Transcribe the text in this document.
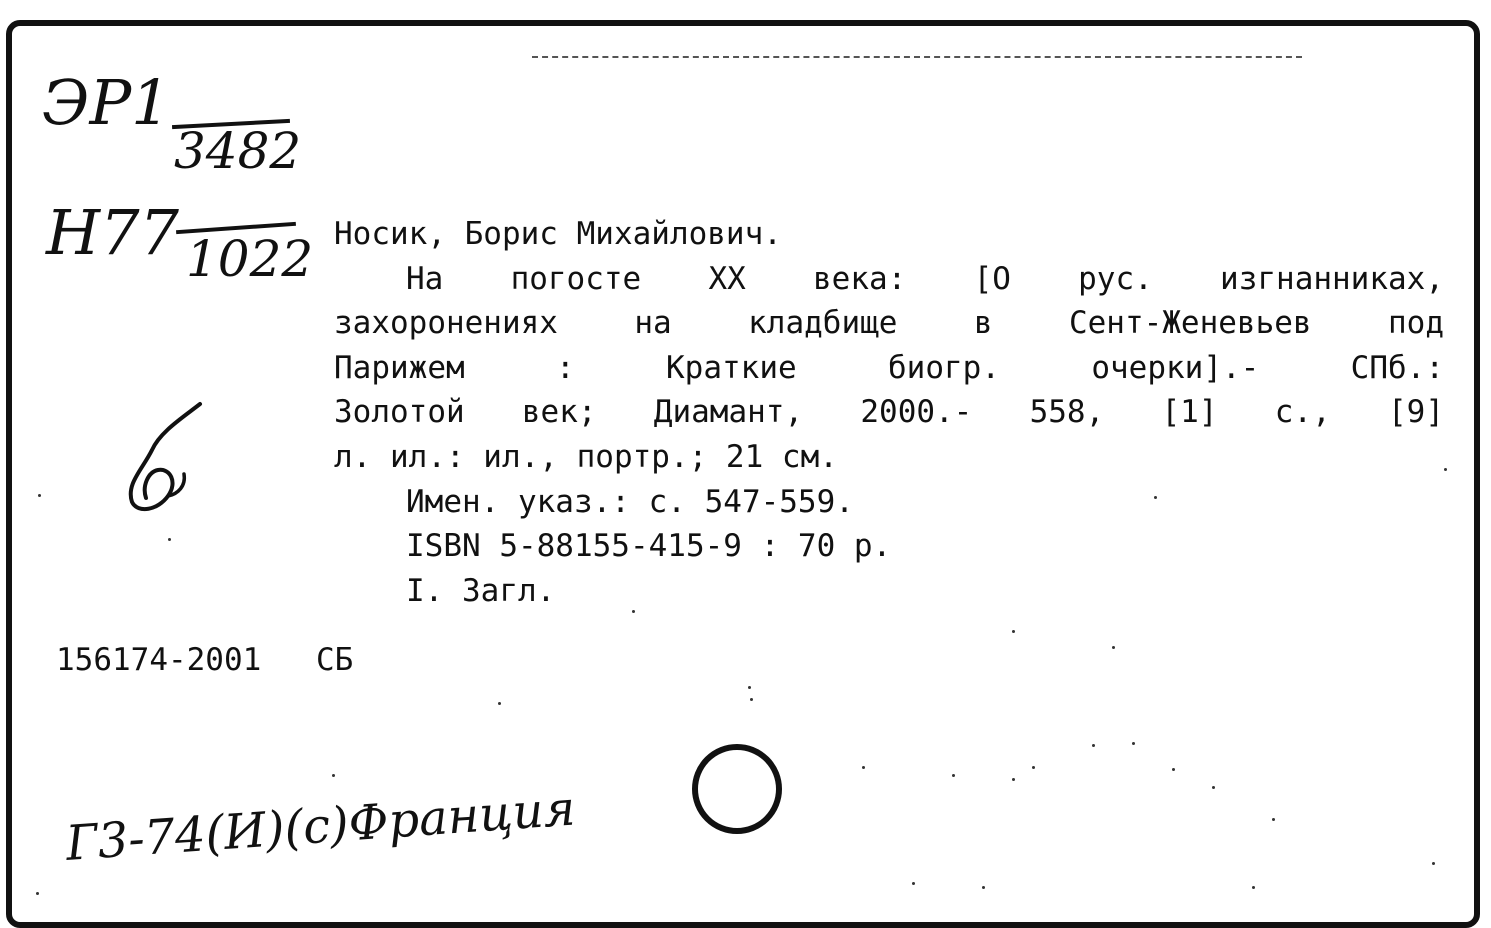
ЭР1
3482
Н77 1022 Носик, Борис Михайлович.
На погосте ХХ века: [О рус. изгнанниках,
захоронениях на кладбище в Сент-Женевьев под
Парижем : Краткие биогр. очерки].- СПб.:
Золотой век; Диамант, 2000.- 558, [1] с., [9]
л. ил.: ил., портр.; 21 см.
Имен. указ.: с. 547-559.
ISBN 5-88155-415-9 : 70 р.
I. Загл.
156174-2001 СБ
Г3-74(И)(с)Франция
